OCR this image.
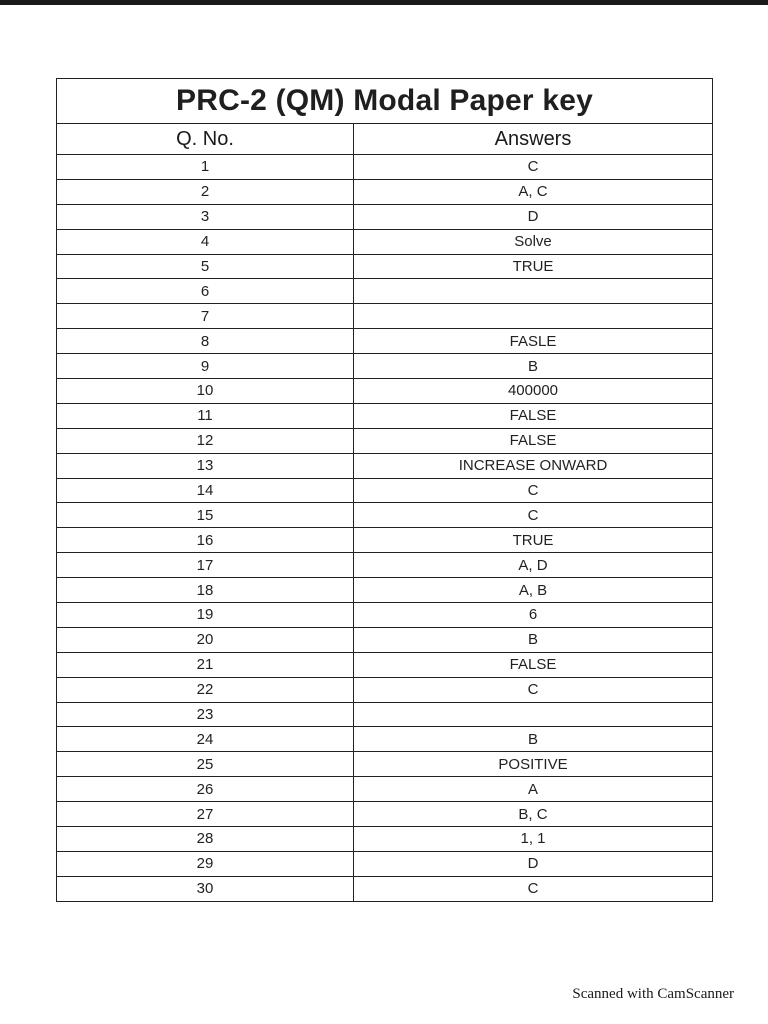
PRC-2 (QM) Modal Paper key	
Q. No.	Answers
1	C
2	A, C
3	D
4	Solve
5	TRUE
6	
7	
8	FASLE
9	B
10	400000
11	FALSE
12	FALSE
13	INCREASE ONWARD
14	C
15	C
16	TRUE
17	A, D
18	A, B
19	6
20	B
21	FALSE
22	C
23	
24	B
25	POSITIVE
26	A
27	B, C
28	1, 1
29	D
30	C
Scanned with CamScanner
